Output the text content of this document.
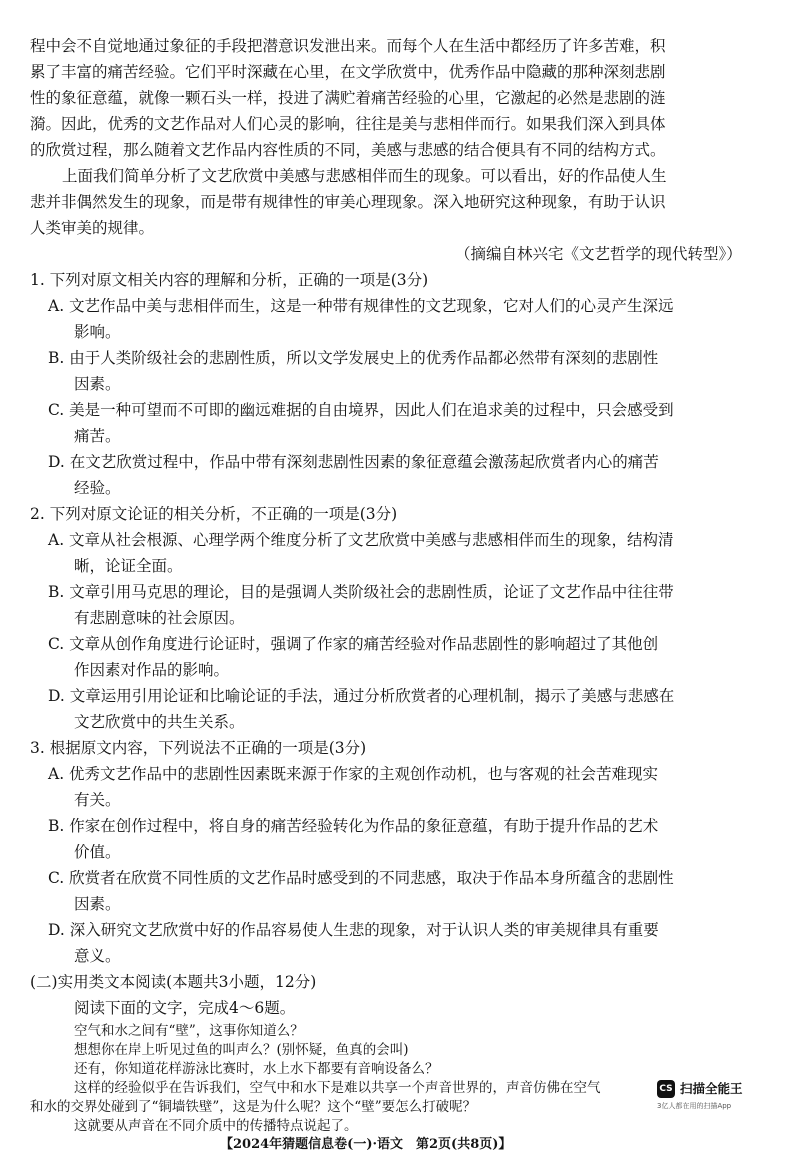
程中会不自觉地通过象征的手段把潜意识发泄出来。而每个人在生活中都经历了许多苦难，积
累了丰富的痛苦经验。它们平时深藏在心里，在文学欣赏中，优秀作品中隐藏的那种深刻悲剧
性的象征意蕴，就像一颗石头一样，投进了满贮着痛苦经验的心里，它激起的必然是悲剧的涟
漪。因此，优秀的文艺作品对人们心灵的影响，往往是美与悲相伴而行。如果我们深入到具体
的欣赏过程，那么随着文艺作品内容性质的不同，美感与悲感的结合便具有不同的结构方式。
上面我们简单分析了文艺欣赏中美感与悲感相伴而生的现象。可以看出，好的作品使人生
悲并非偶然发生的现象，而是带有规律性的审美心理现象。深入地研究这种现象，有助于认识
人类审美的规律。
（摘编自林兴宅《文艺哲学的现代转型》）
1. 下列对原文相关内容的理解和分析，正确的一项是(3分)
A. 文艺作品中美与悲相伴而生，这是一种带有规律性的文艺现象，它对人们的心灵产生深远
影响。
B. 由于人类阶级社会的悲剧性质，所以文学发展史上的优秀作品都必然带有深刻的悲剧性
因素。
C. 美是一种可望而不可即的幽远难据的自由境界，因此人们在追求美的过程中，只会感受到
痛苦。
D. 在文艺欣赏过程中，作品中带有深刻悲剧性因素的象征意蕴会激荡起欣赏者内心的痛苦
经验。
2. 下列对原文论证的相关分析，不正确的一项是(3分)
A. 文章从社会根源、心理学两个维度分析了文艺欣赏中美感与悲感相伴而生的现象，结构清
晰，论证全面。
B. 文章引用马克思的理论，目的是强调人类阶级社会的悲剧性质，论证了文艺作品中往往带
有悲剧意味的社会原因。
C. 文章从创作角度进行论证时，强调了作家的痛苦经验对作品悲剧性的影响超过了其他创
作因素对作品的影响。
D. 文章运用引用论证和比喻论证的手法，通过分析欣赏者的心理机制，揭示了美感与悲感在
文艺欣赏中的共生关系。
3. 根据原文内容，下列说法不正确的一项是(3分)
A. 优秀文艺作品中的悲剧性因素既来源于作家的主观创作动机，也与客观的社会苦难现实
有关。
B. 作家在创作过程中，将自身的痛苦经验转化为作品的象征意蕴，有助于提升作品的艺术
价值。
C. 欣赏者在欣赏不同性质的文艺作品时感受到的不同悲感，取决于作品本身所蕴含的悲剧性
因素。
D. 深入研究文艺欣赏中好的作品容易使人生悲的现象，对于认识人类的审美规律具有重要
意义。
(二)实用类文本阅读(本题共3小题，12分)
阅读下面的文字，完成4～6题。
空气和水之间有“壁”，这事你知道么？
想想你在岸上听见过鱼的叫声么？(别怀疑，鱼真的会叫)
还有，你知道花样游泳比赛时，水上水下都要有音响设备么？
这样的经验似乎在告诉我们，空气中和水下是难以共享一个声音世界的，声音仿佛在空气
和水的交界处碰到了“铜墙铁壁”，这是为什么呢？这个“壁”要怎么打破呢？
这就要从声音在不同介质中的传播特点说起了。
【2024年猜题信息卷(一)·语文　第2页(共8页)】
CS 扫描全能王
3亿人都在用的扫描App
